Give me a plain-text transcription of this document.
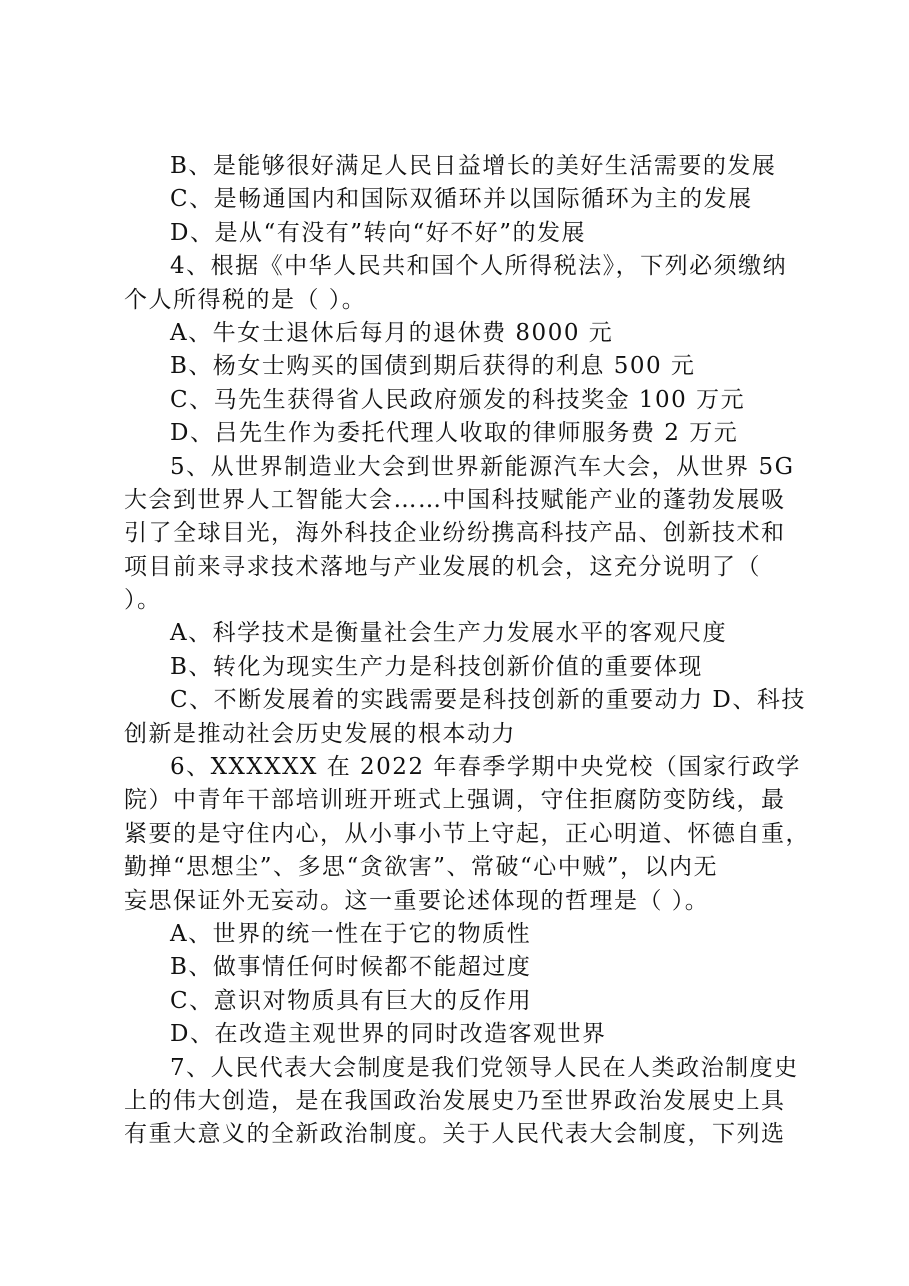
B、是能够很好满足人民日益增长的美好生活需要的发展
C、是畅通国内和国际双循环并以国际循环为主的发展
D、是从“有没有”转向“好不好”的发展
4、根据《中华人民共和国个人所得税法》，下列必须缴纳
个人所得税的是（ ）。
A、牛女士退休后每月的退休费 8000 元
B、杨女士购买的国债到期后获得的利息 500 元
C、马先生获得省人民政府颁发的科技奖金 100 万元
D、吕先生作为委托代理人收取的律师服务费 2 万元
5、从世界制造业大会到世界新能源汽车大会，从世界 5G
大会到世界人工智能大会……中国科技赋能产业的蓬勃发展吸
引了全球目光，海外科技企业纷纷携高科技产品、创新技术和
项目前来寻求技术落地与产业发展的机会，这充分说明了（
）。
A、科学技术是衡量社会生产力发展水平的客观尺度
B、转化为现实生产力是科技创新价值的重要体现
C、不断发展着的实践需要是科技创新的重要动力 D、科技
创新是推动社会历史发展的根本动力
6、XXXXXX 在 2022 年春季学期中央党校（国家行政学
院）中青年干部培训班开班式上强调，守住拒腐防变防线，最
紧要的是守住内心，从小事小节上守起，正心明道、怀德自重，
勤掸“思想尘”、多思“贪欲害”、常破“心中贼”，以内无
妄思保证外无妄动。这一重要论述体现的哲理是（ ）。
A、世界的统一性在于它的物质性
B、做事情任何时候都不能超过度
C、意识对物质具有巨大的反作用
D、在改造主观世界的同时改造客观世界
7、人民代表大会制度是我们党领导人民在人类政治制度史
上的伟大创造，是在我国政治发展史乃至世界政治发展史上具
有重大意义的全新政治制度。关于人民代表大会制度，下列选
